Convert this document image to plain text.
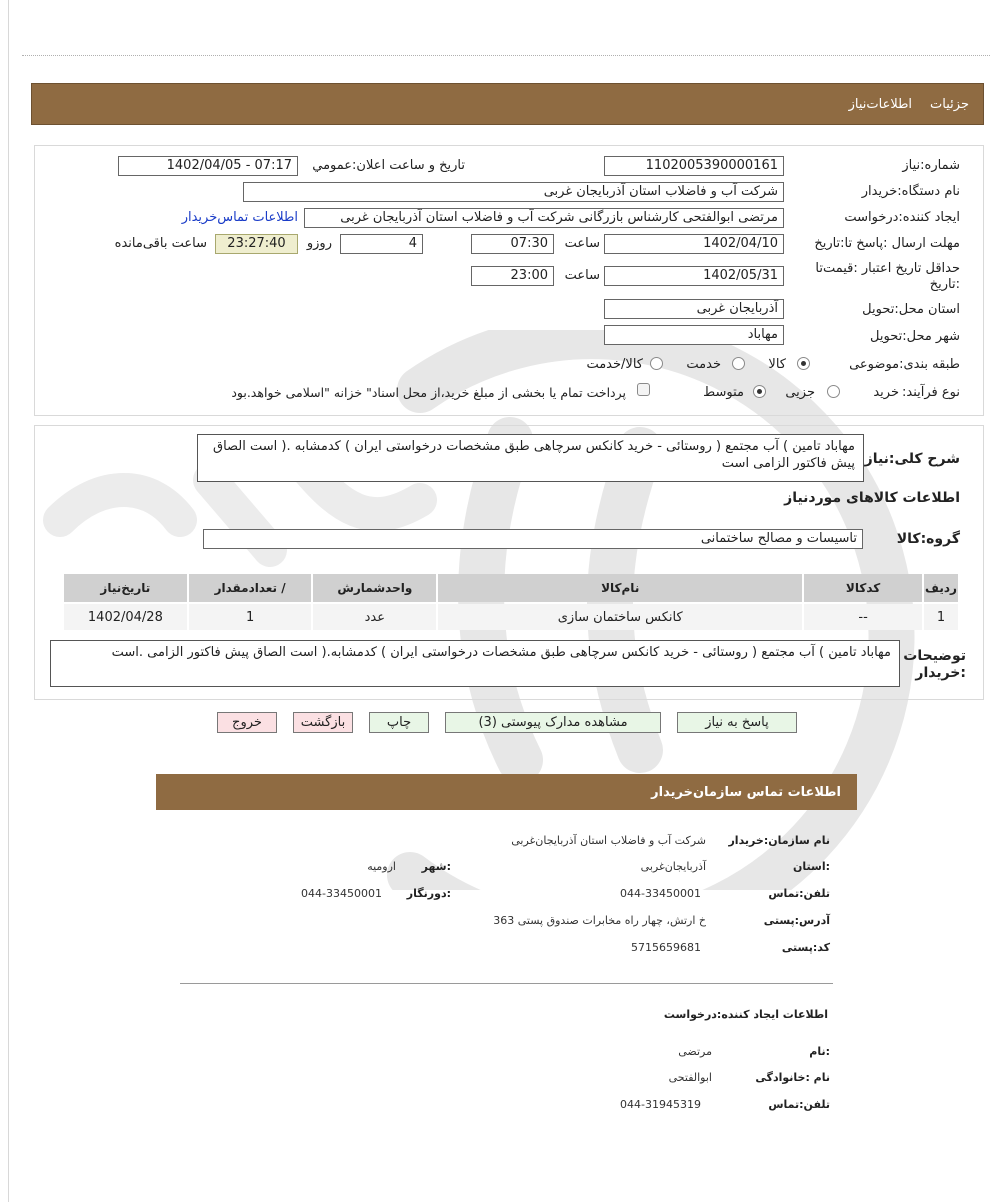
جزئیات
اطلاعات‌نیاز
شماره:نیاز
1102005390000161
تاریخ و ساعت اعلان:عمومي
1402/04/05 - 07:17
نام دستگاه:خریدار
شرکت آب و فاضلاب استان آذربایجان غربی
ایجاد کننده:درخواست
مرتضی ابوالفتحی کارشناس بازرگانی شرکت آب و فاضلاب استان آذربایجان غربی
اطلاعات تماس‌خریدار
مهلت ارسال :پاسخ تا:تاریخ
1402/04/10
ساعت
07:30
4
روزو
23:27:40
ساعت باقی‌مانده
حداقل تاریخ اعتبار :قیمت‌تا
:تاریخ
1402/05/31
ساعت
23:00
استان محل:تحویل
آذربایجان غربی
شهر محل:تحویل
مهاباد
طبقه بندی:موضوعی
کالا
خدمت
کالا/خدمت
نوع فرآیند:
خرید
جزیی
متوسط
پرداخت تمام یا بخشی از مبلغ خرید،از محل اسناد" خزانه "اسلامی خواهد.بود
شرح کلی:نیاز
مهاباد تامین ) آب مجتمع ( روستائی - خرید کانکس سرچاهی طبق مشخصات درخواستی ایران ) کدمشابه .( است الصاق پیش فاکتور الزامی است
اطلاعات کالاهای موردنیاز
گروه:کالا
تاسیسات و مصالح ساختمانی
ردیف	کدکالا	نام‌کالا	واحدشمارش	/ تعدادمقدار	تاریخ‌نیاز
1	--	کانکس ساختمان سازی	عدد	1	1402/04/28
توضیحات
:خریدار
مهاباد تامین ) آب مجتمع ( روستائی - خرید کانکس سرچاهی طبق مشخصات درخواستی ایران ) کدمشابه.( است الصاق پیش فاکتور الزامی .است
پاسخ به نیاز
مشاهده مدارک پیوستی (3)
چاپ
بازگشت
خروج
اطلاعات تماس سازمان‌خریدار
نام سازمان:خریدار
شرکت آب و فاضلاب استان آذربایجان‌غربی
:استان
آذربایجان‌غربی
:شهر
ارومیه
تلفن:تماس
044-33450001
:دورنگار
044-33450001
آدرس:پستی
خ ارتش، چهار راه مخابرات صندوق پستی 363
کد:پستی
5715659681
اطلاعات ایجاد کننده:درخواست
:نام
مرتضی
نام :خانوادگی
ابوالفتحی
تلفن:تماس
044-31945319
